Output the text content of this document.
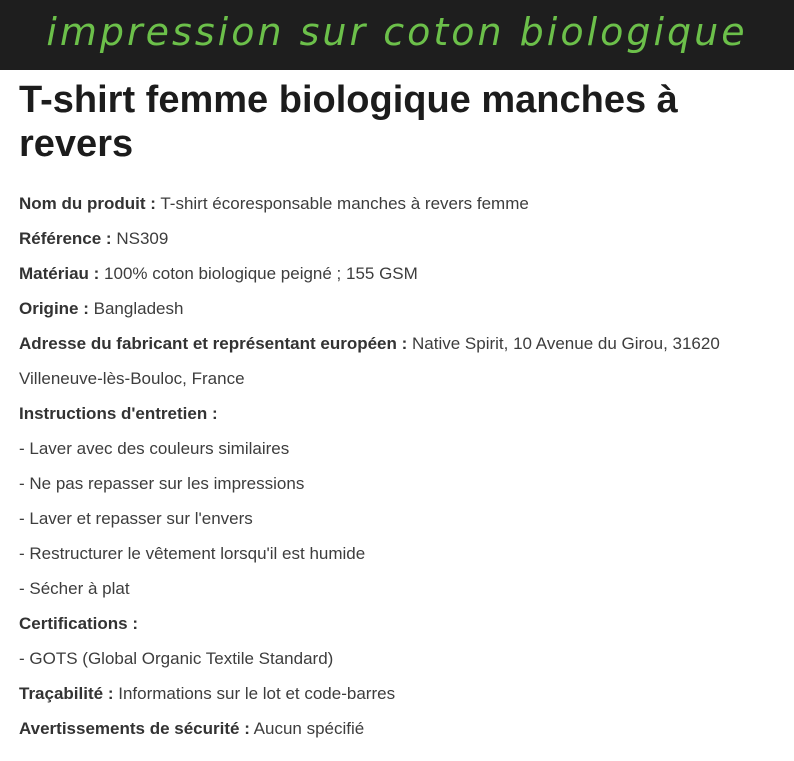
impression sur coton biologique
T-shirt femme biologique manches à revers

Nom du produit : T-shirt écoresponsable manches à revers femme

Référence : NS309

Matériau : 100% coton biologique peigné ; 155 GSM

Origine : Bangladesh

Adresse du fabricant et représentant européen : Native Spirit, 10 Avenue du Girou, 31620 Villeneuve-lès-Bouloc, France

Instructions d'entretien :

- Laver avec des couleurs similaires

- Ne pas repasser sur les impressions

- Laver et repasser sur l'envers

- Restructurer le vêtement lorsqu'il est humide

- Sécher à plat

Certifications :

- GOTS (Global Organic Textile Standard)

Traçabilité : Informations sur le lot et code-barres

Avertissements de sécurité : Aucun spécifié
